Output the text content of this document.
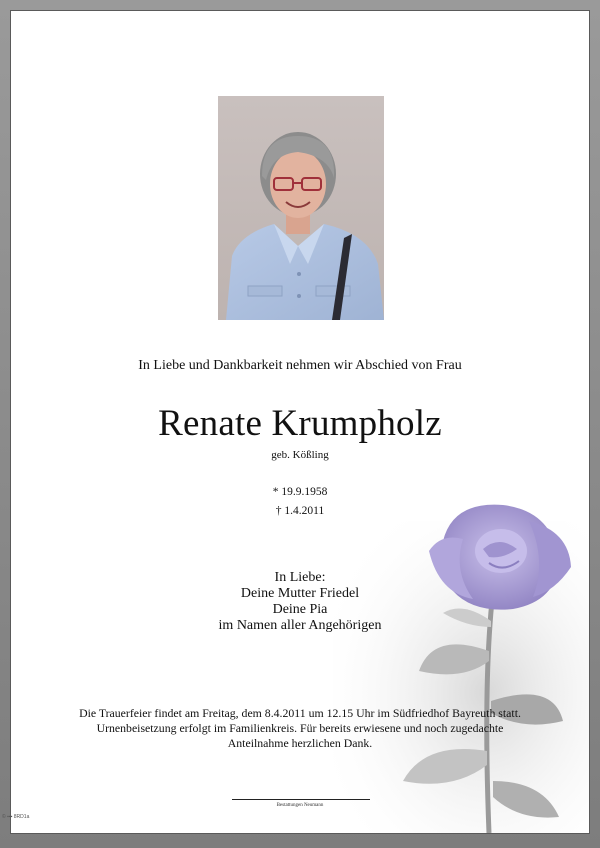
In Liebe und Dankbarkeit nehmen wir Abschied von Frau
Renate Krumpholz
geb. Kößling
* 19.9.1958
† 1.4.2011
In Liebe:
Deine Mutter Friedel
Deine Pia
im Namen aller Angehörigen
Die Trauerfeier findet am Freitag, dem 8.4.2011 um 12.15 Uhr im Südfriedhof Bayreuth statt.
Urnenbeisetzung erfolgt im Familienkreis. Für bereits erwiesene und noch zugedachte
Anteilnahme herzlichen Dank.
Bestattungen Neumann
© ▪▪▪ 8RD1a
